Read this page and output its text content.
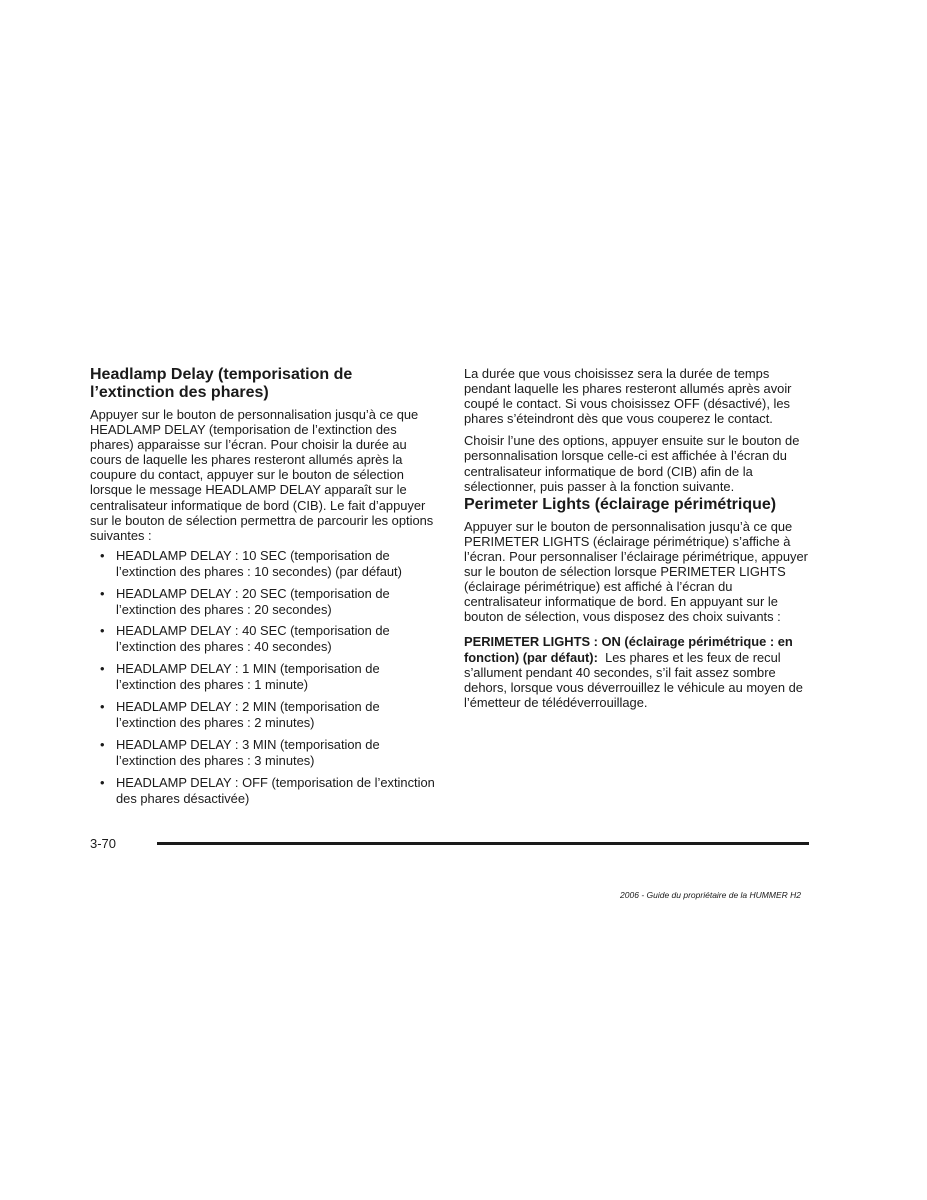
Headlamp Delay (temporisation de l’extinction des phares)

Appuyer sur le bouton de personnalisation jusqu’à ce que HEADLAMP DELAY (temporisation de l’extinction des phares) apparaisse sur l’écran. Pour choisir la durée au cours de laquelle les phares resteront allumés après la coupure du contact, appuyer sur le bouton de sélection lorsque le message HEADLAMP DELAY apparaît sur le centralisateur informatique de bord (CIB). Le fait d’appuyer sur le bouton de sélection permettra de parcourir les options suivantes :

• HEADLAMP DELAY : 10 SEC (temporisation de l’extinction des phares : 10 secondes) (par défaut)
• HEADLAMP DELAY : 20 SEC (temporisation de l’extinction des phares : 20 secondes)
• HEADLAMP DELAY : 40 SEC (temporisation de l’extinction des phares : 40 secondes)
• HEADLAMP DELAY : 1 MIN (temporisation de l’extinction des phares : 1 minute)
• HEADLAMP DELAY : 2 MIN (temporisation de l’extinction des phares : 2 minutes)
• HEADLAMP DELAY : 3 MIN (temporisation de l’extinction des phares : 3 minutes)
• HEADLAMP DELAY : OFF (temporisation de l’extinction des phares désactivée)

La durée que vous choisissez sera la durée de temps pendant laquelle les phares resteront allumés après avoir coupé le contact. Si vous choisissez OFF (désactivé), les phares s’éteindront dès que vous couperez le contact.

Choisir l’une des options, appuyer ensuite sur le bouton de personnalisation lorsque celle-ci est affichée à l’écran du centralisateur informatique de bord (CIB) afin de la sélectionner, puis passer à la fonction suivante.

Perimeter Lights (éclairage périmétrique)

Appuyer sur le bouton de personnalisation jusqu’à ce que PERIMETER LIGHTS (éclairage périmétrique) s’affiche à l’écran. Pour personnaliser l’éclairage périmétrique, appuyer sur le bouton de sélection lorsque PERIMETER LIGHTS (éclairage périmétrique) est affiché à l’écran du centralisateur informatique de bord. En appuyant sur le bouton de sélection, vous disposez des choix suivants :

PERIMETER LIGHTS : ON (éclairage périmétrique : en fonction) (par défaut): Les phares et les feux de recul s’allument pendant 40 secondes, s’il fait assez sombre dehors, lorsque vous déverrouillez le véhicule au moyen de l’émetteur de télédéverrouillage.

3-70
2006 - Guide du propriétaire de la HUMMER H2
